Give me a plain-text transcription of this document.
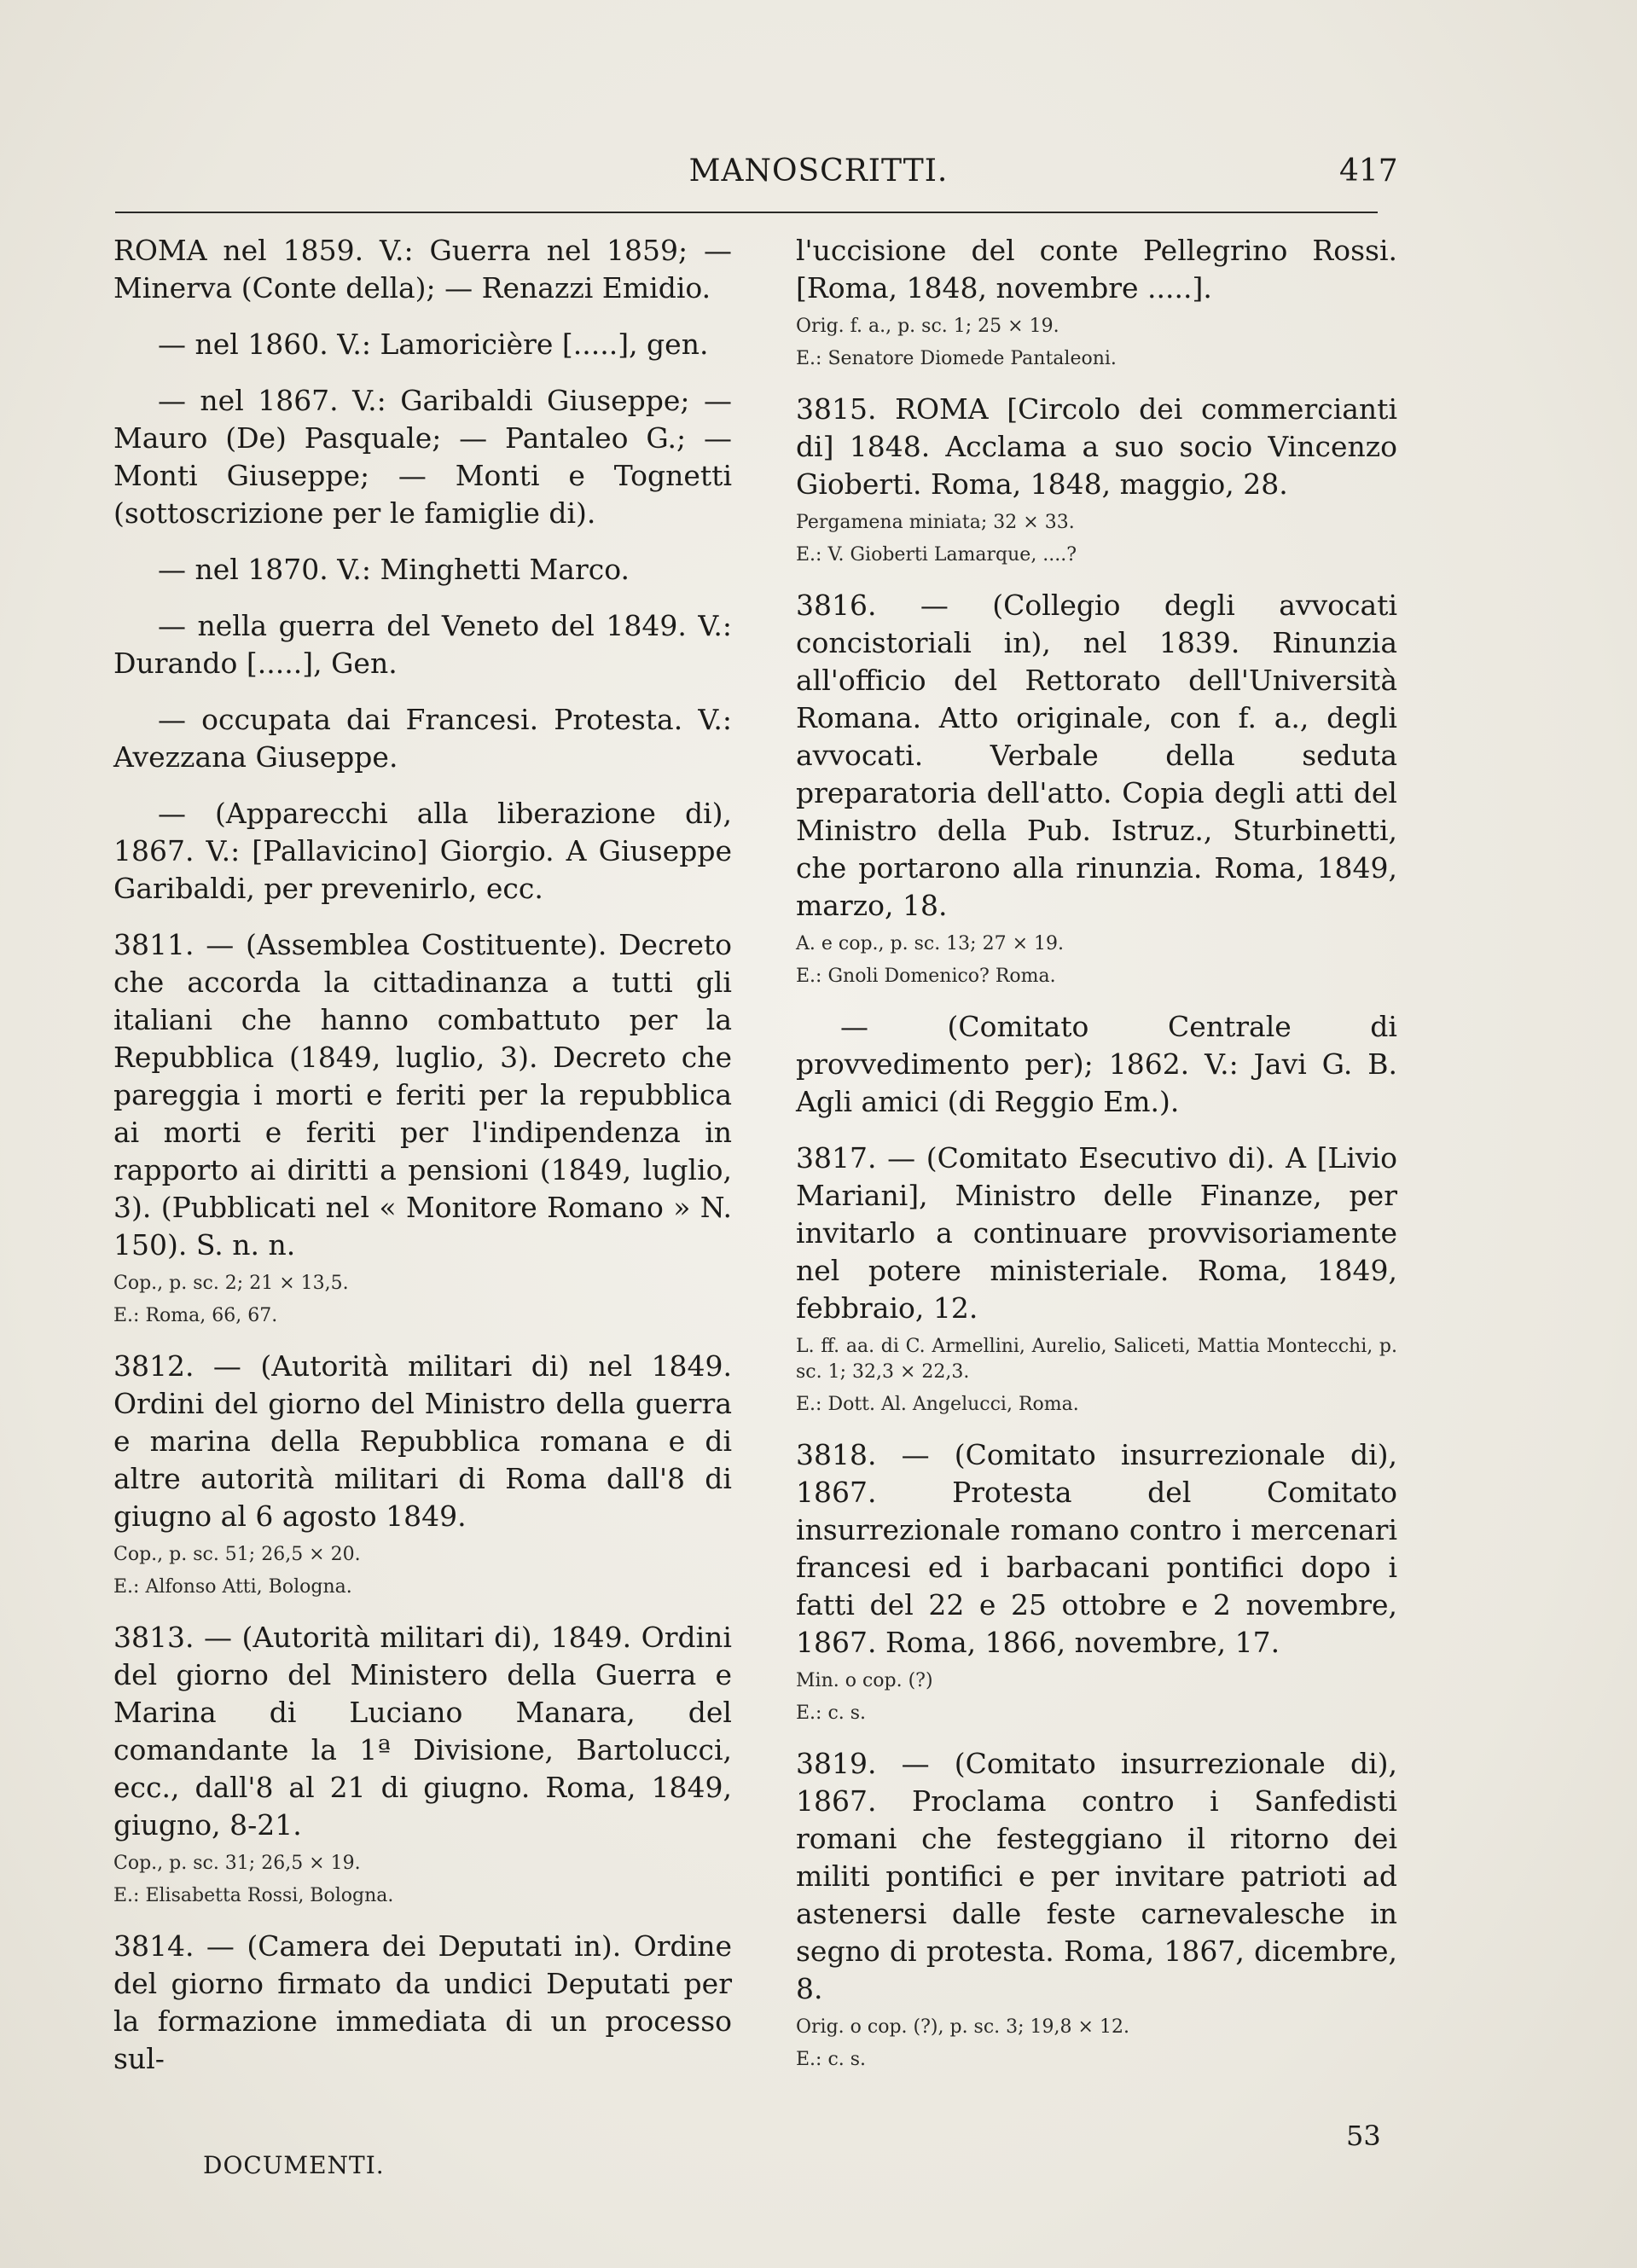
MANOSCRITTI.	417
ROMA nel 1859. V.: Guerra nel 1859; — Minerva (Conte della); — Renazzi Emidio.
— nel 1860. V.: Lamoricière [.....], gen.
— nel 1867. V.: Garibaldi Giuseppe; — Mauro (De) Pasquale; — Pantaleo G.; — Monti Giuseppe; — Monti e Tognetti (sottoscrizione per le famiglie di).
— nel 1870. V.: Minghetti Marco.
— nella guerra del Veneto del 1849. V.: Durando [.....], Gen.
— occupata dai Francesi. Protesta. V.: Avezzana Giuseppe.
— (Apparecchi alla liberazione di), 1867. V.: [Pallavicino] Giorgio. A Giuseppe Garibaldi, per prevenirlo, ecc.
3811. — (Assemblea Costituente). Decreto che accorda la cittadinanza a tutti gli italiani che hanno combattuto per la Repubblica (1849, luglio, 3). Decreto che pareggia i morti e feriti per la repubblica ai morti e feriti per l'indipendenza in rapporto ai diritti a pensioni (1849, luglio, 3). (Pubblicati nel « Monitore Romano » N. 150). S. n. n.
Cop., p. sc. 2; 21 × 13,5.
E.: Roma, 66, 67.
3812. — (Autorità militari di) nel 1849. Ordini del giorno del Ministro della guerra e marina della Repubblica romana e di altre autorità militari di Roma dall'8 di giugno al 6 agosto 1849.
Cop., p. sc. 51; 26,5 × 20.
E.: Alfonso Atti, Bologna.
3813. — (Autorità militari di), 1849. Ordini del giorno del Ministero della Guerra e Marina di Luciano Manara, del comandante la 1ª Divisione, Bartolucci, ecc., dall'8 al 21 di giugno. Roma, 1849, giugno, 8-21.
Cop., p. sc. 31; 26,5 × 19.
E.: Elisabetta Rossi, Bologna.
3814. — (Camera dei Deputati in). Ordine del giorno firmato da undici Deputati per la formazione immediata di un processo sul-
l'uccisione del conte Pellegrino Rossi. [Roma, 1848, novembre .....].
Orig. f. a., p. sc. 1; 25 × 19.
E.: Senatore Diomede Pantaleoni.
3815. ROMA [Circolo dei commercianti di] 1848. Acclama a suo socio Vincenzo Gioberti. Roma, 1848, maggio, 28.
Pergamena miniata; 32 × 33.
E.: V. Gioberti Lamarque, ....?
3816. — (Collegio degli avvocati concistoriali in), nel 1839. Rinunzia all'officio del Rettorato dell'Università Romana. Atto originale, con f. a., degli avvocati. Verbale della seduta preparatoria dell'atto. Copia degli atti del Ministro della Pub. Istruz., Sturbinetti, che portarono alla rinunzia. Roma, 1849, marzo, 18.
A. e cop., p. sc. 13; 27 × 19.
E.: Gnoli Domenico? Roma.
— (Comitato Centrale di provvedimento per); 1862. V.: Javi G. B. Agli amici (di Reggio Em.).
3817. — (Comitato Esecutivo di). A [Livio Mariani], Ministro delle Finanze, per invitarlo a continuare provvisoriamente nel potere ministeriale. Roma, 1849, febbraio, 12.
L. ff. aa. di C. Armellini, Aurelio, Saliceti, Mattia Montecchi, p. sc. 1; 32,3 × 22,3.
E.: Dott. Al. Angelucci, Roma.
3818. — (Comitato insurrezionale di), 1867. Protesta del Comitato insurrezionale romano contro i mercenari francesi ed i barbacani pontifici dopo i fatti del 22 e 25 ottobre e 2 novembre, 1867. Roma, 1866, novembre, 17.
Min. o cop. (?)
E.: c. s.
3819. — (Comitato insurrezionale di), 1867. Proclama contro i Sanfedisti romani che festeggiano il ritorno dei militi pontifici e per invitare patrioti ad astenersi dalle feste carnevalesche in segno di protesta. Roma, 1867, dicembre, 8.
Orig. o cop. (?), p. sc. 3; 19,8 × 12.
E.: c. s.
DOCUMENTI.
53
